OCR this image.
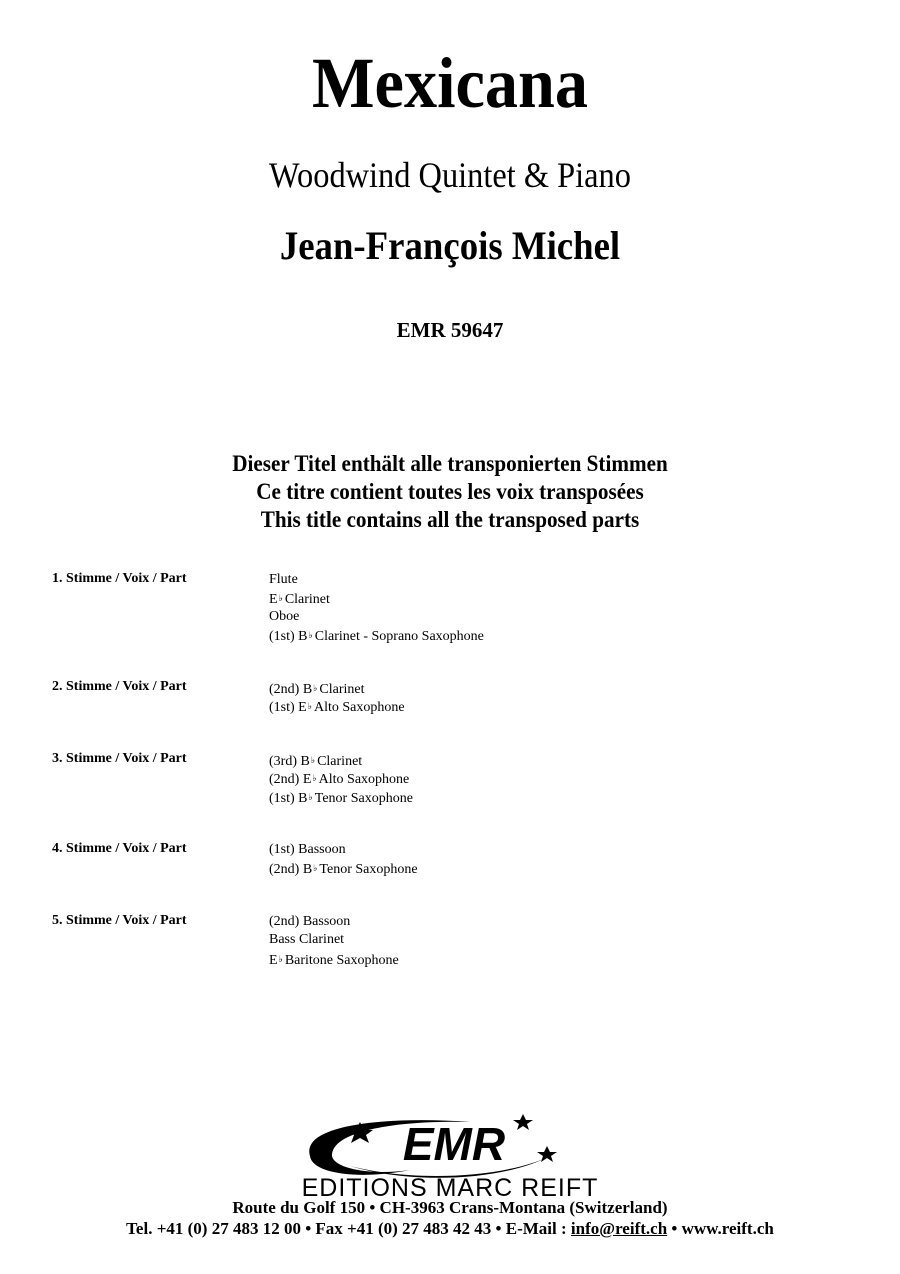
Mexicana
Woodwind Quintet & Piano
Jean-François Michel
EMR 59647
Dieser Titel enthält alle transponierten Stimmen
Ce titre contient toutes les voix transposées
This title contains all the transposed parts
1. Stimme / Voix / Part	Flute
E♭ Clarinet
Oboe
(1st) B♭ Clarinet - Soprano Saxophone
2. Stimme / Voix / Part	(2nd) B♭ Clarinet
(1st) E♭ Alto Saxophone
3. Stimme / Voix / Part	(3rd) B♭ Clarinet
(2nd) E♭ Alto Saxophone
(1st) B♭ Tenor Saxophone
4. Stimme / Voix / Part	(1st) Bassoon
(2nd) B♭ Tenor Saxophone
5. Stimme / Voix / Part	(2nd) Bassoon
Bass Clarinet
E♭ Baritone Saxophone
EMR
EDITIONS MARC REIFT
Route du Golf 150 • CH-3963 Crans-Montana (Switzerland)
Tel. +41 (0) 27 483 12 00 • Fax +41 (0) 27 483 42 43 • E-Mail : info@reift.ch • www.reift.ch
